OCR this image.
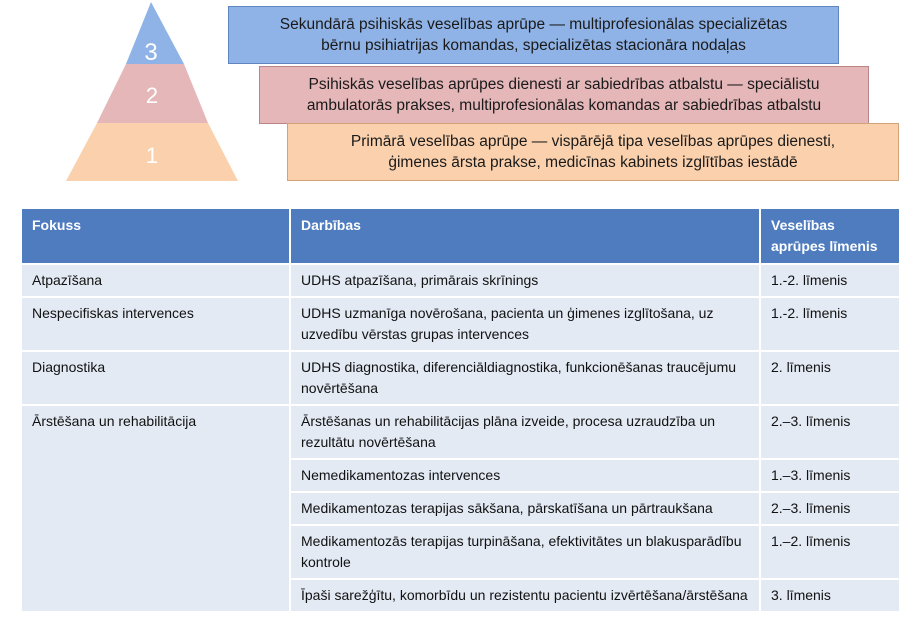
3
2
1
Sekundārā psihiskās veselības aprūpe — multiprofesionālas specializētas
bērnu psihiatrijas komandas, specializētas stacionāra nodaļas
Psihiskās veselības aprūpes dienesti ar sabiedrības atbalstu — speciālistu
ambulatorās prakses, multiprofesionālas komandas ar sabiedrības atbalstu
Primārā veselības aprūpe — vispārējā tipa veselības aprūpes dienesti,
ģimenes ārsta prakse, medicīnas kabinets izglītības iestādē
Fokuss	Darbības	Veselības
aprūpes līmenis
Atpazīšana	UDHS atpazīšana, primārais skrīnings	1.-2. līmenis
Nespecifiskas intervences	UDHS uzmanīga novērošana, pacienta un ģimenes izglītošana, uz uzvedību vērstas grupas intervences	1.-2. līmenis
Diagnostika	UDHS diagnostika, diferenciāldiagnostika, funkcionēšanas traucējumu novērtēšana	2. līmenis
Ārstēšana un rehabilitācija	Ārstēšanas un rehabilitācijas plāna izveide, procesa uzraudzība un rezultātu novērtēšana	2.–3. līmenis
	Nemedikamentozas intervences	1.–3. līmenis
	Medikamentozas terapijas sākšana, pārskatīšana un pārtraukšana	2.–3. līmenis
	Medikamentozās terapijas turpināšana, efektivitātes un blakusparādību kontrole	1.–2. līmenis
	Īpaši sarežģītu, komorbīdu un rezistentu pacientu izvērtēšana/ārstēšana	3. līmenis
